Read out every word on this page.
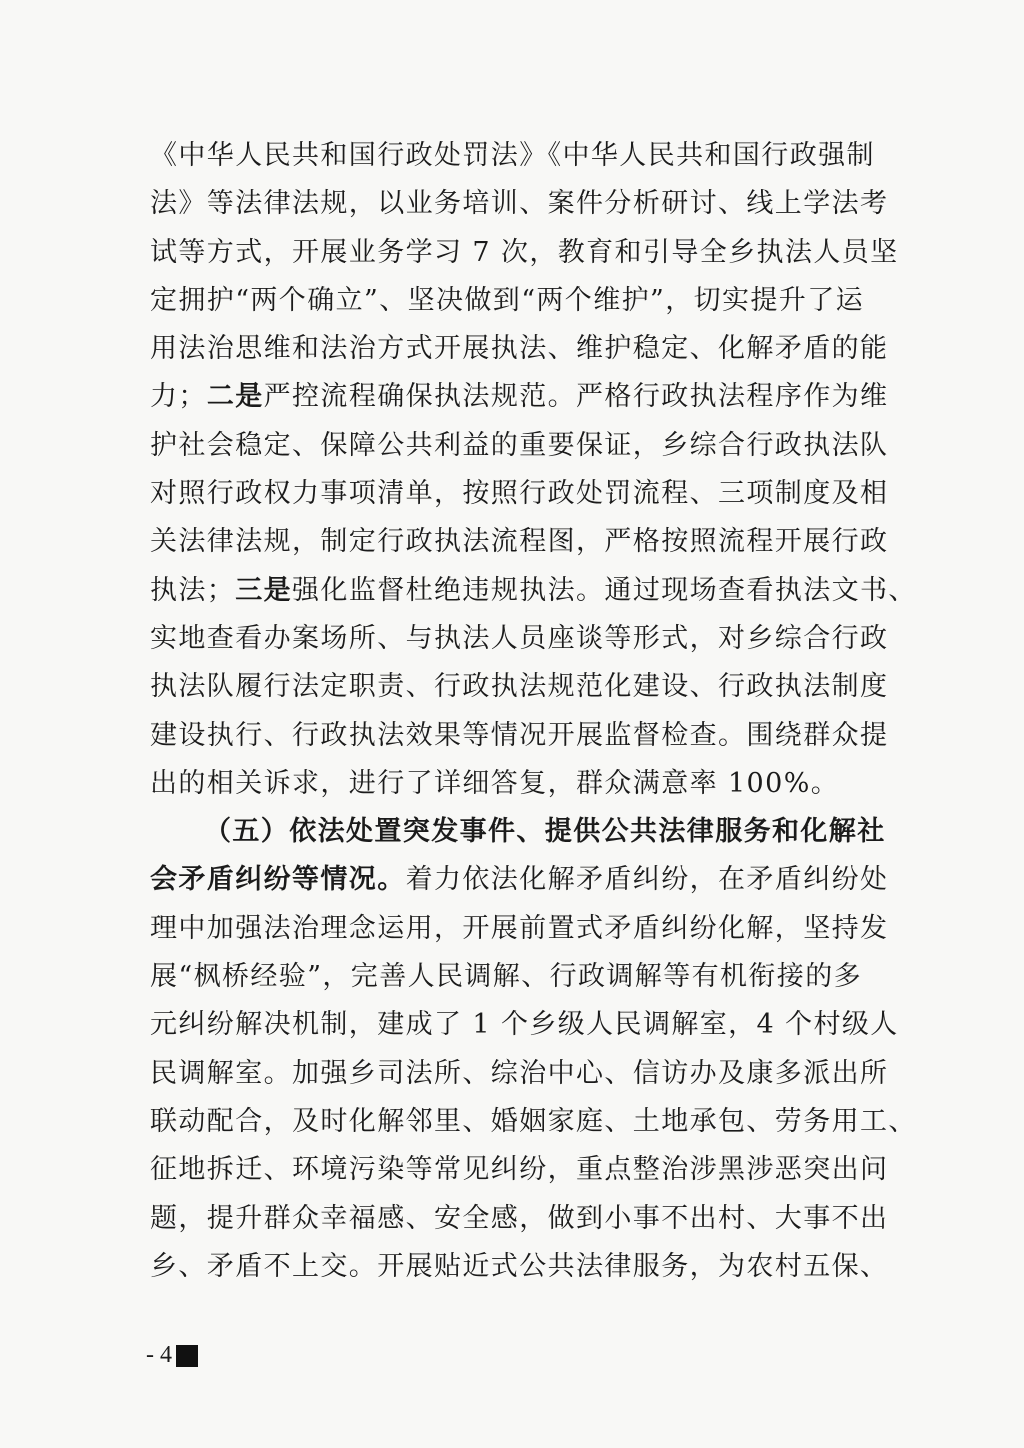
《中华人民共和国行政处罚法》《中华人民共和国行政强制
法》等法律法规，以业务培训、案件分析研讨、线上学法考
试等方式，开展业务学习 7 次，教育和引导全乡执法人员坚
定拥护“两个确立”、坚决做到“两个维护”，切实提升了运
用法治思维和法治方式开展执法、维护稳定、化解矛盾的能
力；二是严控流程确保执法规范。严格行政执法程序作为维
护社会稳定、保障公共利益的重要保证，乡综合行政执法队
对照行政权力事项清单，按照行政处罚流程、三项制度及相
关法律法规，制定行政执法流程图，严格按照流程开展行政
执法；三是强化监督杜绝违规执法。通过现场查看执法文书、
实地查看办案场所、与执法人员座谈等形式，对乡综合行政
执法队履行法定职责、行政执法规范化建设、行政执法制度
建设执行、行政执法效果等情况开展监督检查。围绕群众提
出的相关诉求，进行了详细答复，群众满意率 100%。
（五）依法处置突发事件、提供公共法律服务和化解社
会矛盾纠纷等情况。着力依法化解矛盾纠纷，在矛盾纠纷处
理中加强法治理念运用，开展前置式矛盾纠纷化解，坚持发
展“枫桥经验”，完善人民调解、行政调解等有机衔接的多
元纠纷解决机制，建成了 1 个乡级人民调解室，4 个村级人
民调解室。加强乡司法所、综治中心、信访办及康多派出所
联动配合，及时化解邻里、婚姻家庭、土地承包、劳务用工、
征地拆迁、环境污染等常见纠纷，重点整治涉黑涉恶突出问
题，提升群众幸福感、安全感，做到小事不出村、大事不出
乡、矛盾不上交。开展贴近式公共法律服务，为农村五保、
- 4
